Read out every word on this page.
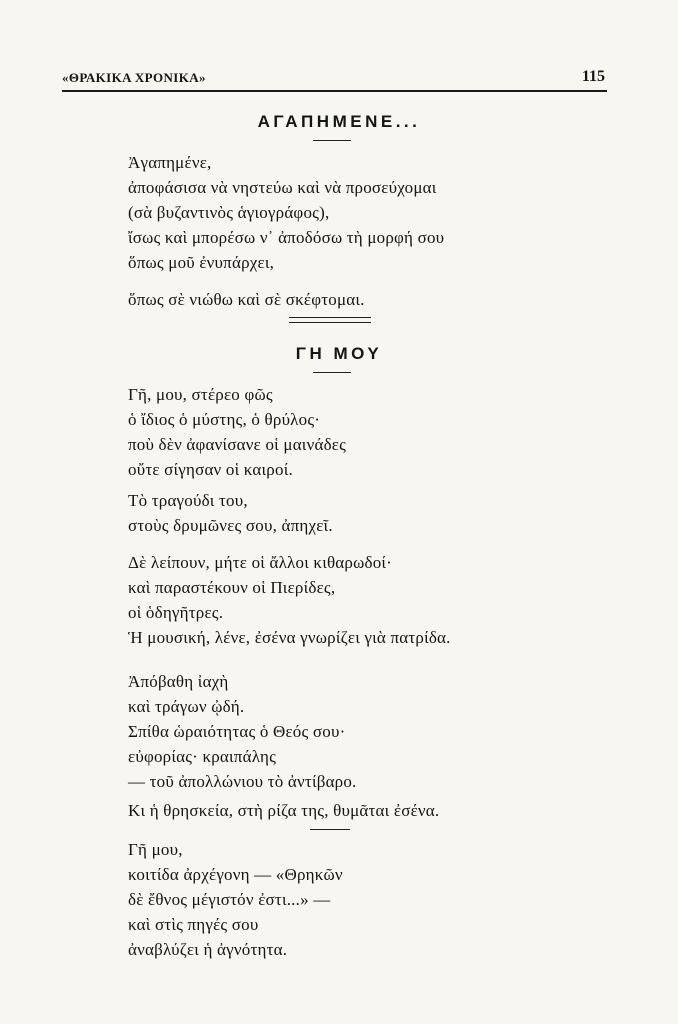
«ΘΡΑΚΙΚΑ ΧΡΟΝΙΚΑ»	115
ΑΓΑΠΗΜΕΝΕ...
Ἀγαπημένε,
ἀποφάσισα νὰ νηστεύω καὶ νὰ προσεύχομαι
(σὰ βυζαντινὸς ἁγιογράφος),
ἴσως καὶ μπορέσω ν᾽ ἀποδόσω τὴ μορφή σου
ὅπως μοῦ ἐνυπάρχει,
ὅπως σὲ νιώθω καὶ σὲ σκέφτομαι.
ΓΗ ΜΟΥ
Γῆ, μου, στέρεο φῶς
ὁ ἴδιος ὁ μύστης, ὁ θρύλος·
ποὺ δὲν ἀφανίσανε οἱ μαινάδες
οὔτε σίγησαν οἱ καιροί.
Τὸ τραγούδι του,
στοὺς δρυμῶνες σου, ἀπηχεῖ.
Δὲ λείπουν, μήτε οἱ ἄλλοι κιθαρωδοί·
καὶ παραστέκουν οἱ Πιερίδες,
οἱ ὁδηγῆτρες.
Ἡ μουσική, λένε, ἐσένα γνωρίζει γιὰ πατρίδα.
Ἀπόβαθη ἰαχὴ
καὶ τράγων ᾠδή.
Σπίθα ὡραιότητας ὁ Θεός σου·
εὐφορίας· κραιπάλης
— τοῦ ἀπολλώνιου τὸ ἀντίβαρο.
Κι ἡ θρησκεία, στὴ ρίζα της, θυμᾶται ἐσένα.
Γῆ μου,
κοιτίδα ἀρχέγονη — «Θρηκῶν
δὲ ἔθνος μέγιστόν ἐστι...» —
καὶ στὶς πηγές σου
ἀναβλύζει ἡ ἀγνότητα.
